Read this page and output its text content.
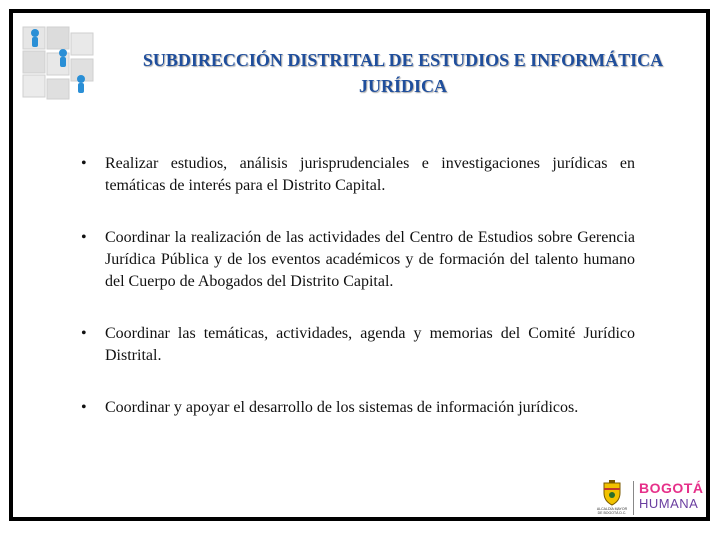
SUBDIRECCIÓN DISTRITAL DE ESTUDIOS E INFORMÁTICA
JURÍDICA
• Realizar estudios, análisis jurisprudenciales e investigaciones jurídicas en temáticas de interés para el Distrito Capital.
• Coordinar la realización de las actividades del Centro de Estudios sobre Gerencia Jurídica Pública y de los eventos académicos y de formación del talento humano del Cuerpo de Abogados del Distrito Capital.
• Coordinar las temáticas, actividades, agenda y memorias del Comité Jurídico Distrital.
• Coordinar y apoyar el desarrollo de los sistemas de información jurídicos.
ALCALDÍA MAYOR DE BOGOTÁ D.C.
BOGOTÁ
HUMANA
